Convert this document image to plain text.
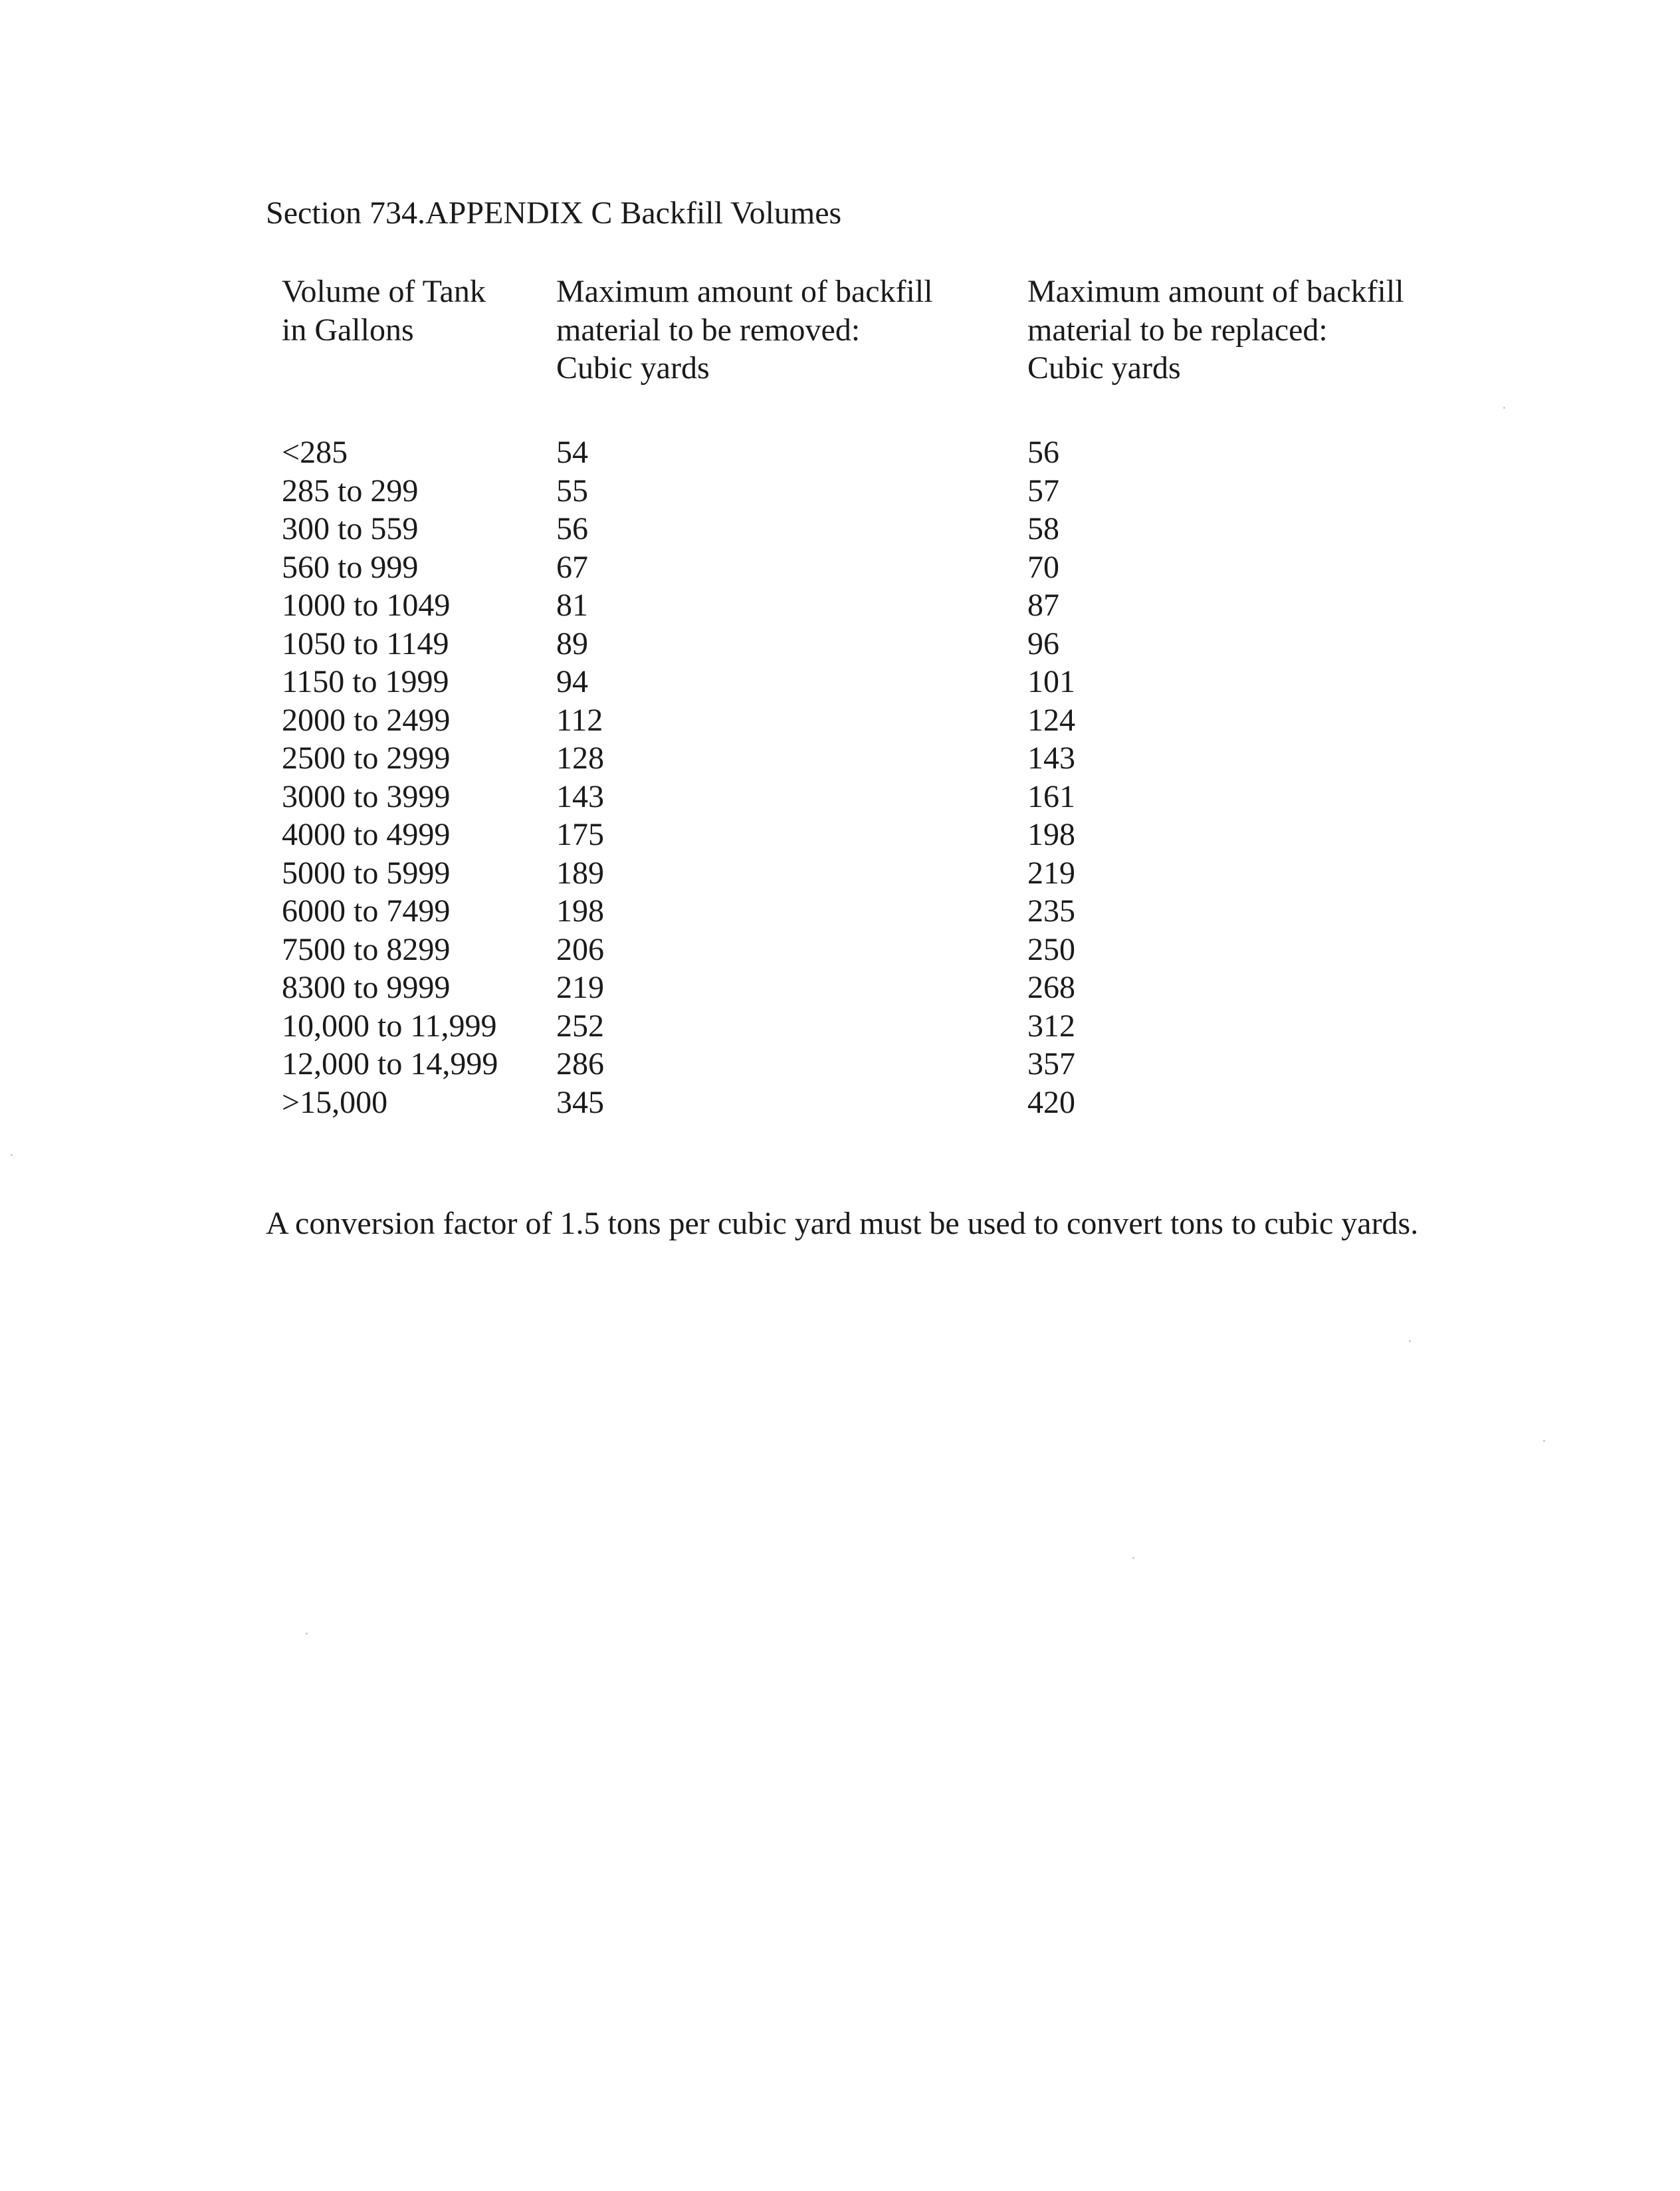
Section 734.APPENDIX C Backfill Volumes
Volume of Tank
in Gallons
Maximum amount of backfill
material to be removed:
Cubic yards
Maximum amount of backfill
material to be replaced:
Cubic yards
<285
285 to 299
300 to 559
560 to 999
1000 to 1049
1050 to 1149
1150 to 1999
2000 to 2499
2500 to 2999
3000 to 3999
4000 to 4999
5000 to 5999
6000 to 7499
7500 to 8299
8300 to 9999
10,000 to 11,999
12,000 to 14,999
>15,000
54
55
56
67
81
89
94
112
128
143
175
189
198
206
219
252
286
345
56
57
58
70
87
96
101
124
143
161
198
219
235
250
268
312
357
420
A conversion factor of 1.5 tons per cubic yard must be used to convert tons to cubic yards.
